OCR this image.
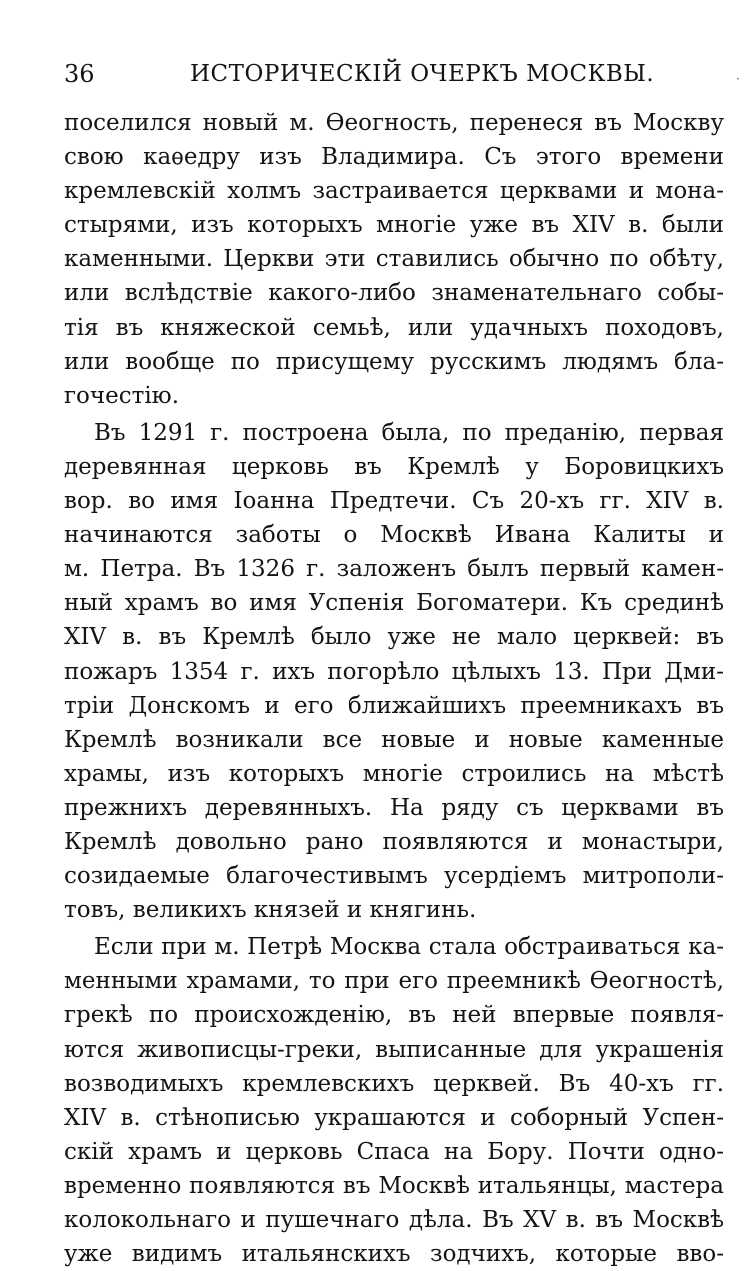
36	ИСТОРИЧЕСКІЙ ОЧЕРКЪ МОСКВЫ.	·

поселился новый м. Ѳеогность, перенеся въ Москву
свою каѳедру изъ Владимира. Съ этого времени
кремлевскій холмъ застраивается церквами и мона-
стырями, изъ которыхъ многіе уже въ XIV в. были
каменными. Церкви эти ставились обычно по обѣту,
или вслѣдствіе какого-либо знаменательнаго собы-
тія въ княжеской семьѣ, или удачныхъ походовъ,
или вообще по присущему русскимъ людямъ бла-
гочестію.

Въ 1291 г. построена была, по преданію, первая
деревянная церковь въ Кремлѣ у Боровицкихъ
вор. во имя Іоанна Предтечи. Съ 20-хъ гг. XIV в.
начинаются заботы о Москвѣ Ивана Калиты и
м. Петра. Въ 1326 г. заложенъ былъ первый камен-
ный храмъ во имя Успенія Богоматери. Къ срединѣ
XIV в. въ Кремлѣ было уже не мало церквей: въ
пожаръ 1354 г. ихъ погорѣло цѣлыхъ 13. При Дми-
тріи Донскомъ и его ближайшихъ преемникахъ въ
Кремлѣ возникали все новые и новые каменные
храмы, изъ которыхъ многіе строились на мѣстѣ
прежнихъ деревянныхъ. На ряду съ церквами въ
Кремлѣ довольно рано появляются и монастыри,
созидаемые благочестивымъ усердіемъ митрополи-
товъ, великихъ князей и княгинь.

Если при м. Петрѣ Москва стала обстраиваться ка-
менными храмами, то при его преемникѣ Ѳеогностѣ,
грекѣ по происхожденію, въ ней впервые появля-
ются живописцы-греки, выписанные для украшенія
возводимыхъ кремлевскихъ церквей. Въ 40-хъ гг.
XIV в. стѣнописью украшаются и соборный Успен-
скій храмъ и церковь Спаса на Бору. Почти одно-
временно появляются въ Москвѣ итальянцы, мастера
колокольнаго и пушечнаго дѣла. Въ XV в. въ Москвѣ
уже видимъ итальянскихъ зодчихъ, которые вво-
